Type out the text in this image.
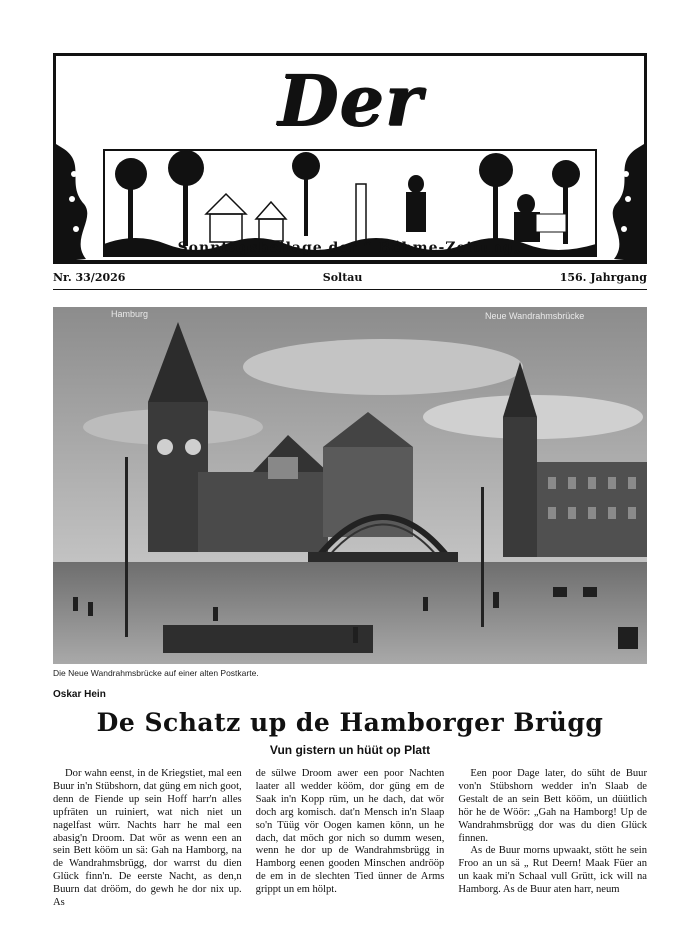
Der
Sonntagsbeilage der “ Böhme-Zeitung„
Nr. 33/2026	Soltau	156. Jahrgang
Hamburg	Neue Wandrahmsbrücke
Die Neue Wandrahmsbrücke auf einer alten Postkarte.
Oskar Hein
De Schatz up de Hamborger Brügg
Vun gistern un hüüt op Platt

Dor wahn eenst, in de Kriegstiet, mal een Buur in'n Stübshorn, dat güng em nich goot, denn de Fiende up sein Hoff harr'n alles upfräten un ruiniert, wat nich niet un nagelfast würr. Nachts harr he mal een abasig'n Droom. Dat wör as wenn een an sein Bett kööm un sä: Gah na Hamborg, na de Wandrahmsbrügg, dor warrst du dien Glück finn'n. De eerste Nacht, as den,n Buurn dat drööm, do gewh he dor nix up. As

de sülwe Droom awer een poor Nachten laater all wedder kööm, dor güng em de Saak in'n Kopp rüm, un he dach, dat wör doch arg komisch. dat'n Mensch in'n Slaap so'n Tüüg vör Oogen kamen könn, un he dach, dat möch gor nich so dumm wesen, wenn he dor up de Wandrahmsbrügg in Hamborg eenen gooden Minschen andrööp de em in de slechten Tied ünner de Arms grippt un em hölpt.

Een poor Dage later, do süht de Buur von'n Stübshorn wedder in'n Slaab de Gestalt de an sein Bett kööm, un düütlich hör he de Wöör: „Gah na Hamborg! Up de Wandrahmsbrügg dor was du dien Glück finnen.

As de Buur morns upwaakt, stött he sein Froo an un sä „ Rut Deern! Maak Füer an un kaak mi'n Schaal vull Grütt, ick will na Hamborg. As de Buur aten harr, neum
